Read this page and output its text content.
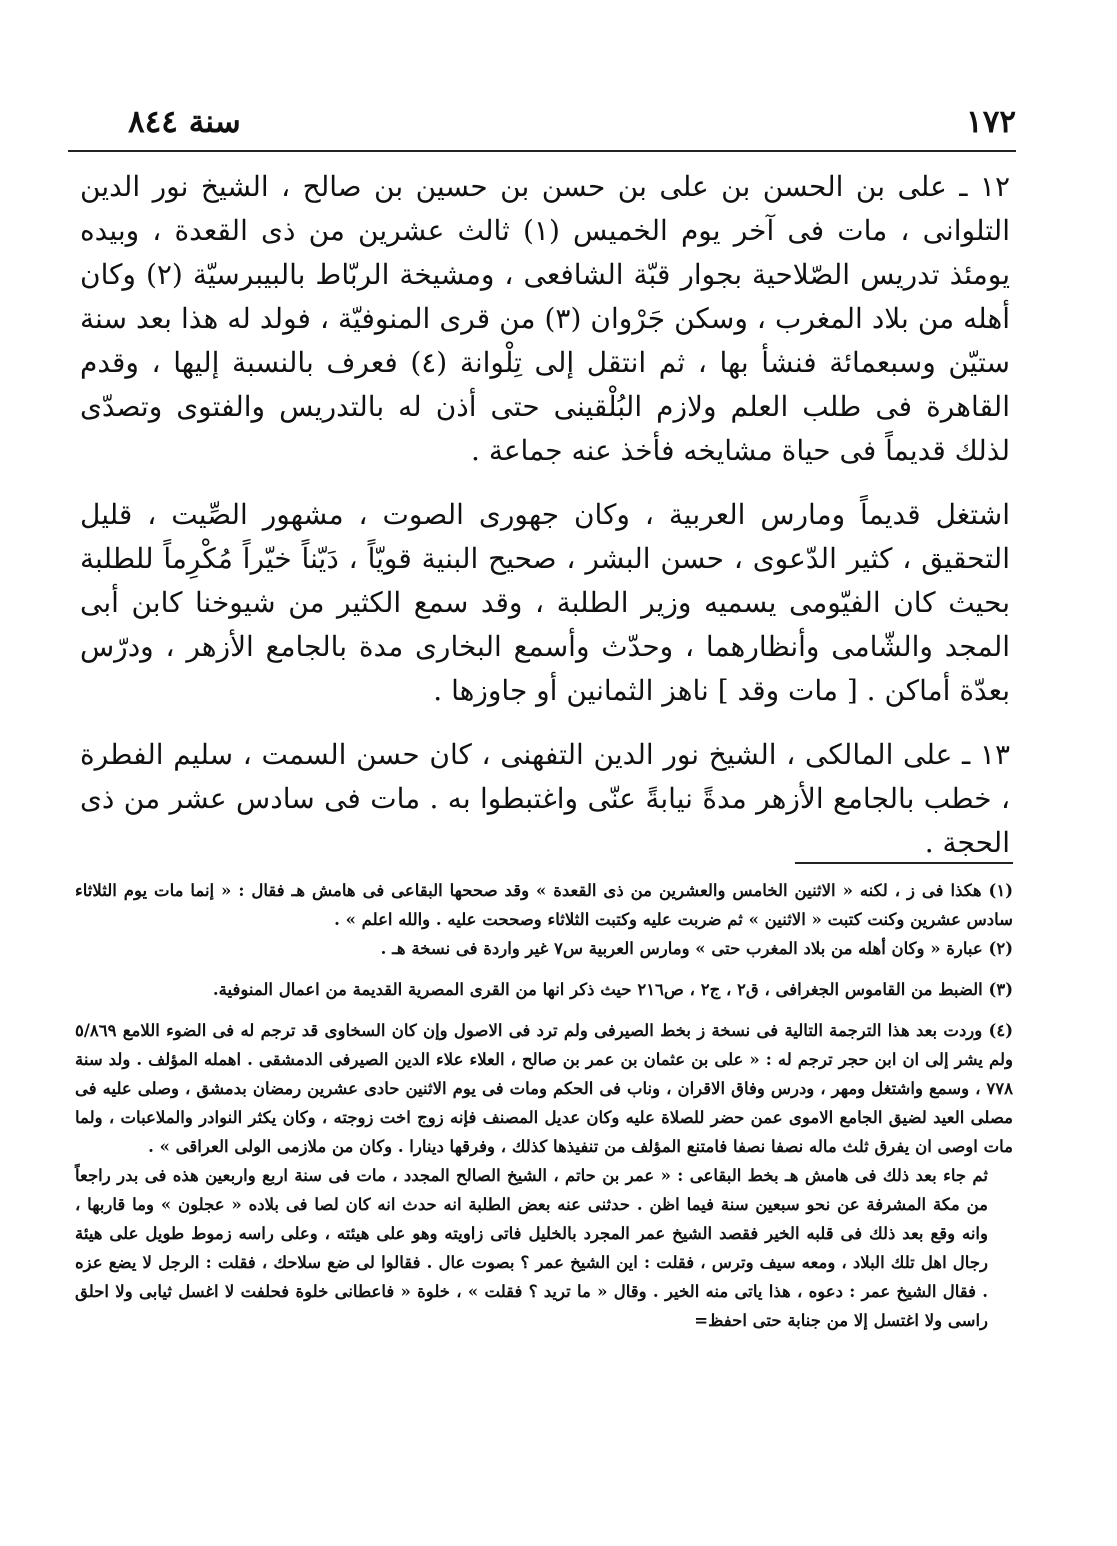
١٧٢
سنة ٨٤٤

١٢ ـ على بن الحسن بن على بن حسن بن حسين بن صالح ، الشيخ نور الدين التلوانى ، مات فى آخر يوم الخميس (١) ثالث عشرين من ذى القعدة ، وبيده يومئذ تدريس الصّلاحية بجوار قبّة الشافعى ، ومشيخة الربّاط بالبيبرسيّة (٢) وكان أهله من بلاد المغرب ، وسكن جَرْوان (٣) من قرى المنوفيّة ، فولد له هذا بعد سنة ستيّن وسبعمائة فنشأ بها ، ثم انتقل إلى تِلْوانة (٤) فعرف بالنسبة إليها ، وقدم القاهرة فى طلب العلم ولازم البُلْقينى حتى أذن له بالتدريس والفتوى وتصدّى لذلك قديماً فى حياة مشايخه فأخذ عنه جماعة .

اشتغل قديماً ومارس العربية ، وكان جهورى الصوت ، مشهور الصِّيت ، قليل التحقيق ، كثير الدّعوى ، حسن البشر ، صحيح البنية قويّاً ، دَيّناً خيّراً مُكْرِماً للطلبة بحيث كان الفيّومى يسميه وزير الطلبة ، وقد سمع الكثير من شيوخنا كابن أبى المجد والشّامى وأنظارهما ، وحدّث وأسمع البخارى مدة بالجامع الأزهر ، ودرّس بعدّة أماكن . [ مات وقد ] ناهز الثمانين أو جاوزها .

١٣ ـ على المالكى ، الشيخ نور الدين التفهنى ، كان حسن السمت ، سليم الفطرة ، خطب بالجامع الأزهر مدةً نيابةً عنّى واغتبطوا به . مات فى سادس عشر من ذى الحجة .

(١) هكذا فى ز ، لكنه « الاثنين الخامس والعشرين من ذى القعدة » وقد صححها البقاعى فى هامش هـ فقال : « إنما مات يوم الثلاثاء سادس عشرين وكنت كتبت « الاثنين » ثم ضربت عليه وكتبت الثلاثاء وصححت عليه . والله اعلم » .

(٢) عبارة « وكان أهله من بلاد المغرب حتى » ومارس العربية س٧ غير واردة فى نسخة هـ .

(٣) الضبط من القاموس الجغرافى ، ق٢ ، ج٢ ، ص٢١٦ حيث ذكر انها من القرى المصرية القديمة من اعمال المنوفية.

(٤) وردت بعد هذا الترجمة التالية فى نسخة ز بخط الصيرفى ولم ترد فى الاصول وإن كان السخاوى قد ترجم له فى الضوء اللامع ٥/٨٦٩ ولم يشر إلى ان ابن حجر ترجم له : « على بن عثمان بن عمر بن صالح ، العلاء علاء الدين الصيرفى الدمشقى . اهمله المؤلف . ولد سنة ٧٧٨ ، وسمع واشتغل ومهر ، ودرس وفاق الاقران ، وناب فى الحكم ومات فى يوم الاثنين حادى عشرين رمضان بدمشق ، وصلى عليه فى مصلى العيد لضيق الجامع الاموى عمن حضر للصلاة عليه وكان عديل المصنف فإنه زوج اخت زوجته ، وكان يكثر النوادر والملاعبات ، ولما مات اوصى ان يفرق ثلث ماله نصفا نصفا فامتنع المؤلف من تنفيذها كذلك ، وفرقها دينارا . وكان من ملازمى الولى العراقى » .

ثم جاء بعد ذلك فى هامش هـ بخط البقاعى : « عمر بن حاتم ، الشيخ الصالح المجدد ، مات فى سنة اربع واربعين هذه فى بدر راجعاً من مكة المشرفة عن نحو سبعين سنة فيما اظن . حدثنى عنه بعض الطلبة انه حدث انه كان لصا فى بلاده « عجلون » وما قاربها ، وانه وقع بعد ذلك فى قلبه الخير فقصد الشيخ عمر المجرد بالخليل فاتى زاويته وهو على هيئته ، وعلى راسه زموط طويل على هيئة رجال اهل تلك البلاد ، ومعه سيف وترس ، فقلت : اين الشيخ عمر ؟ بصوت عال . فقالوا لى ضع سلاحك ، فقلت : الرجل لا يضع عزه . فقال الشيخ عمر : دعوه ، هذا ياتى منه الخير . وقال « ما تريد ؟ فقلت » ، خلوة « فاعطانى خلوة فحلفت لا اغسل ثيابى ولا احلق راسى ولا اغتسل إلا من جنابة حتى احفظ=
